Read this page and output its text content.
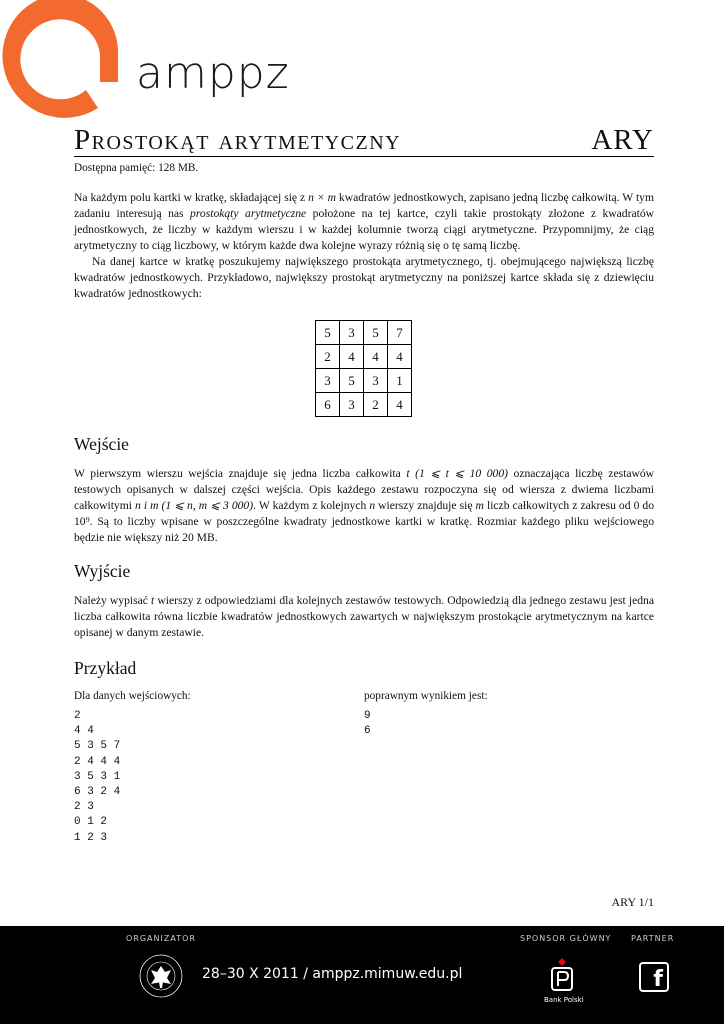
amppz
Prostokąt arytmetyczny	ARY
Dostępna pamięć: 128 MB.

Na każdym polu kartki w kratkę, składającej się z n × m kwadratów jednostkowych, zapisano jedną liczbę całkowitą. W tym zadaniu interesują nas prostokąty arytmetyczne położone na tej kartce, czyli takie prostokąty złożone z kwadratów jednostkowych, że liczby w każdym wierszu i w każdej kolumnie tworzą ciągi arytmetyczne. Przypomnijmy, że ciąg arytmetyczny to ciąg liczbowy, w którym każde dwa kolejne wyrazy różnią się o tę samą liczbę.

Na danej kartce w kratkę poszukujemy największego prostokąta arytmetycznego, tj. obejmującego największą liczbę kwadratów jednostkowych. Przykładowo, największy prostokąt arytmetyczny na poniższej kartce składa się z dziewięciu kwadratów jednostkowych:

5	3	5	7
2	4	4	4
3	5	3	1
6	3	2	4
Wejście

W pierwszym wierszu wejścia znajduje się jedna liczba całkowita t (1 ⩽ t ⩽ 10 000) oznaczająca liczbę zestawów testowych opisanych w dalszej części wejścia. Opis każdego zestawu rozpoczyna się od wiersza z dwiema liczbami całkowitymi n i m (1 ⩽ n, m ⩽ 3 000). W każdym z kolejnych n wierszy znajduje się m liczb całkowitych z zakresu od 0 do 10⁹. Są to liczby wpisane w poszczególne kwadraty jednostkowe kartki w kratkę. Rozmiar każdego pliku wejściowego będzie nie większy niż 20 MB.

Wyjście

Należy wypisać t wierszy z odpowiedziami dla kolejnych zestawów testowych. Odpowiedzią dla jednego zestawu jest jedna liczba całkowita równa liczbie kwadratów jednostkowych zawartych w największym prostokącie arytmetycznym na kartce opisanej w danym zestawie.

Przykład
Dla danych wejściowych:	poprawnym wynikiem jest:
2
4 4
5 3 5 7
2 4 4 4
3 5 3 1
6 3 2 4
2 3
0 1 2
1 2 3
9
6
ARY 1/1
ORGANIZATOR	SPONSOR GŁÓWNY PARTNER
28–30 X 2011 / amppz.mimuw.edu.pl
Bank Polski
f
